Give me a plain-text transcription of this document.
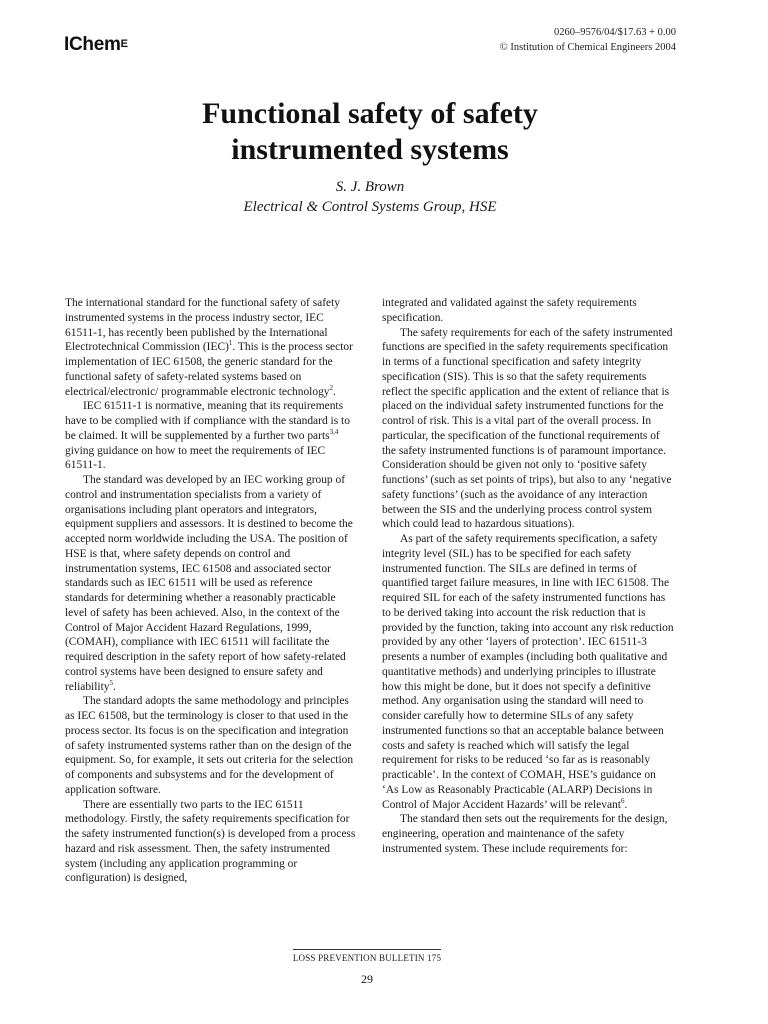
IChem$^E$
0260–9576/04/$17.63 + 0.00
© Institution of Chemical Engineers 2004
Functional safety of safety
instrumented systems
S. J. Brown
Electrical & Control Systems Group, HSE

The international standard for the functional safety of safety instrumented systems in the process industry sector, IEC 61511-1, has recently been published by the International Electrotechnical Commission (IEC)$^1$. This is the process sector implementation of IEC 61508, the generic standard for the functional safety of safety-related systems based on electrical/electronic/ programmable electronic technology$^2$.

IEC 61511-1 is normative, meaning that its requirements have to be complied with if compliance with the standard is to be claimed. It will be supplemented by a further two parts$^{3,4}$ giving guidance on how to meet the requirements of IEC 61511-1.

The standard was developed by an IEC working group of control and instrumentation specialists from a variety of organisations including plant operators and integrators, equipment suppliers and assessors. It is destined to become the accepted norm worldwide including the USA. The position of HSE is that, where safety depends on control and instrumentation systems, IEC 61508 and associated sector standards such as IEC 61511 will be used as reference standards for determining whether a reasonably practicable level of safety has been achieved. Also, in the context of the Control of Major Accident Hazard Regulations, 1999, (COMAH), compliance with IEC 61511 will facilitate the required description in the safety report of how safety-related control systems have been designed to ensure safety and reliability$^5$.

The standard adopts the same methodology and principles as IEC 61508, but the terminology is closer to that used in the process sector. Its focus is on the specification and integration of safety instrumented systems rather than on the design of the equipment. So, for example, it sets out criteria for the selection of components and subsystems and for the development of application software.

There are essentially two parts to the IEC 61511 methodology. Firstly, the safety requirements specification for the safety instrumented function(s) is developed from a process hazard and risk assessment. Then, the safety instrumented system (including any application programming or configuration) is designed,

integrated and validated against the safety requirements specification.

The safety requirements for each of the safety instrumented functions are specified in the safety requirements specification in terms of a functional specification and safety integrity specification (SIS). This is so that the safety requirements reflect the specific application and the extent of reliance that is placed on the individual safety instrumented functions for the control of risk. This is a vital part of the overall process. In particular, the specification of the functional requirements of the safety instrumented functions is of paramount importance. Consideration should be given not only to ‘positive safety functions’ (such as set points of trips), but also to any ‘negative safety functions’ (such as the avoidance of any interaction between the SIS and the underlying process control system which could lead to hazardous situations).

As part of the safety requirements specification, a safety integrity level (SIL) has to be specified for each safety instrumented function. The SILs are defined in terms of quantified target failure measures, in line with IEC 61508. The required SIL for each of the safety instrumented functions has to be derived taking into account the risk reduction that is provided by the function, taking into account any risk reduction provided by any other ‘layers of protection’. IEC 61511-3 presents a number of examples (including both qualitative and quantitative methods) and underlying principles to illustrate how this might be done, but it does not specify a definitive method. Any organisation using the standard will need to consider carefully how to determine SILs of any safety instrumented functions so that an acceptable balance between costs and safety is reached which will satisfy the legal requirement for risks to be reduced ‘so far as is reasonably practicable’. In the context of COMAH, HSE’s guidance on ‘As Low as Reasonably Practicable (ALARP) Decisions in Control of Major Accident Hazards’ will be relevant$^6$.

The standard then sets out the requirements for the design, engineering, operation and maintenance of the safety instrumented system. These include requirements for:

LOSS PREVENTION BULLETIN 175
29
